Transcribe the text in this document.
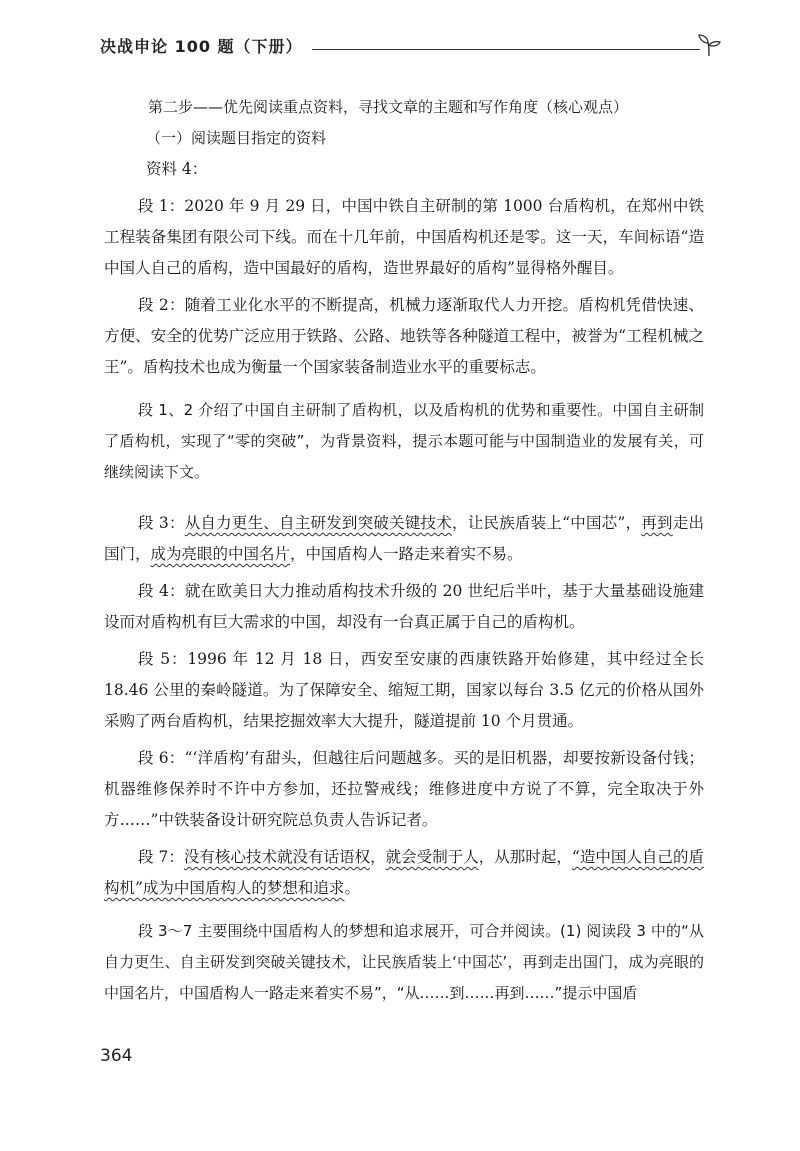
决战申论 100 题（下册）

第二步——优先阅读重点资料，寻找文章的主题和写作角度（核心观点）

（一）阅读题目指定的资料

资料 4：

段 1：2020 年 9 月 29 日，中国中铁自主研制的第 1000 台盾构机，在郑州中铁工程装备集团有限公司下线。而在十几年前，中国盾构机还是零。这一天，车间标语“造中国人自己的盾构，造中国最好的盾构，造世界最好的盾构”显得格外醒目。

段 2：随着工业化水平的不断提高，机械力逐渐取代人力开挖。盾构机凭借快速、方便、安全的优势广泛应用于铁路、公路、地铁等各种隧道工程中，被誉为“工程机械之王”。盾构技术也成为衡量一个国家装备制造业水平的重要标志。

段 1、2 介绍了中国自主研制了盾构机，以及盾构机的优势和重要性。中国自主研制了盾构机，实现了“零的突破”，为背景资料，提示本题可能与中国制造业的发展有关，可继续阅读下文。

段 3：从自力更生、自主研发到突破关键技术，让民族盾装上“中国芯”，再到走出国门，成为亮眼的中国名片，中国盾构人一路走来着实不易。

段 4：就在欧美日大力推动盾构技术升级的 20 世纪后半叶，基于大量基础设施建设而对盾构机有巨大需求的中国，却没有一台真正属于自己的盾构机。

段 5：1996 年 12 月 18 日，西安至安康的西康铁路开始修建，其中经过全长 18.46 公里的秦岭隧道。为了保障安全、缩短工期，国家以每台 3.5 亿元的价格从国外采购了两台盾构机，结果挖掘效率大大提升，隧道提前 10 个月贯通。

段 6：“‘洋盾构’有甜头，但越往后问题越多。买的是旧机器，却要按新设备付钱；机器维修保养时不许中方参加，还拉警戒线；维修进度中方说了不算，完全取决于外方……”中铁装备设计研究院总负责人告诉记者。

段 7：没有核心技术就没有话语权，就会受制于人，从那时起，“造中国人自己的盾构机”成为中国盾构人的梦想和追求。

段 3～7 主要围绕中国盾构人的梦想和追求展开，可合并阅读。(1) 阅读段 3 中的“从自力更生、自主研发到突破关键技术，让民族盾装上‘中国芯’，再到走出国门，成为亮眼的中国名片，中国盾构人一路走来着实不易”，“从……到……再到……”提示中国盾

364
